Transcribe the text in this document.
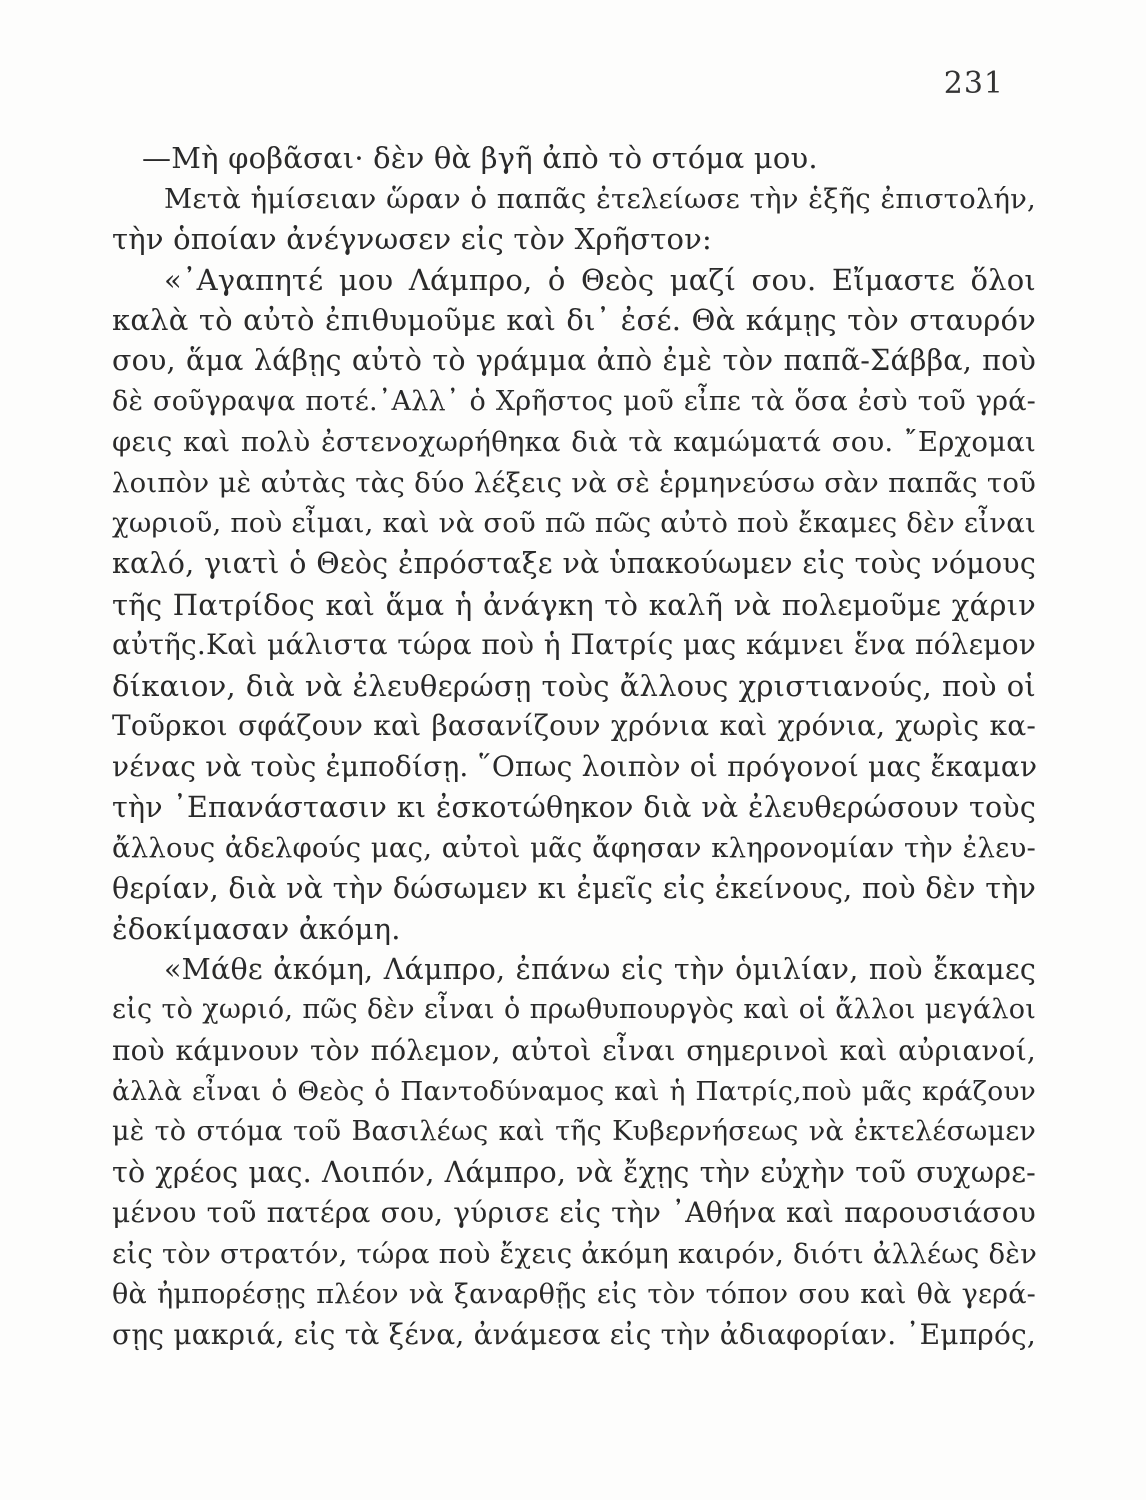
231
—Μὴ φοβᾶσαι· δὲν θὰ βγῆ ἀπὸ τὸ στόμα μου.
Μετὰ ἡμίσειαν ὥραν ὁ παπᾶς ἐτελείωσε τὴν ἑξῆς ἐπιστολήν,
τὴν ὁποίαν ἀνέγνωσεν εἰς τὸν Χρῆστον:
«᾿Αγαπητέ μου Λάμπρο, ὁ Θεὸς μαζί σου. Εἴμαστε ὅλοι
καλὰ τὸ αὐτὸ ἐπιθυμοῦμε καὶ δι᾿ ἐσέ. Θὰ κάμῃς τὸν σταυρόν
σου, ἅμα λάβῃς αὐτὸ τὸ γράμμα ἀπὸ ἐμὲ τὸν παπᾶ-Σάββα, ποὺ
δὲ σοῦγραψα ποτέ.᾿Αλλ᾿ ὁ Χρῆστος μοῦ εἶπε τὰ ὅσα ἐσὺ τοῦ γρά-
φεις καὶ πολὺ ἐστενοχωρήθηκα διὰ τὰ καμώματά σου. ῎Ερχομαι
λοιπὸν μὲ αὐτὰς τὰς δύο λέξεις νὰ σὲ ἑρμηνεύσω σὰν παπᾶς τοῦ
χωριοῦ, ποὺ εἶμαι, καὶ νὰ σοῦ πῶ πῶς αὐτὸ ποὺ ἔκαμες δὲν εἶναι
καλό, γιατὶ ὁ Θεὸς ἐπρόσταξε νὰ ὑπακούωμεν εἰς τοὺς νόμους
τῆς Πατρίδος καὶ ἅμα ἡ ἀνάγκη τὸ καλῆ νὰ πολεμοῦμε χάριν
αὐτῆς.Καὶ μάλιστα τώρα ποὺ ἡ Πατρίς μας κάμνει ἕνα πόλεμον
δίκαιον, διὰ νὰ ἐλευθερώσῃ τοὺς ἄλλους χριστιανούς, ποὺ οἱ
Τοῦρκοι σφάζουν καὶ βασανίζουν χρόνια καὶ χρόνια, χωρὶς κα-
νένας νὰ τοὺς ἐμποδίσῃ. ῞Οπως λοιπὸν οἱ πρόγονοί μας ἔκαμαν
τὴν ᾿Επανάστασιν κι ἐσκοτώθηκον διὰ νὰ ἐλευθερώσουν τοὺς
ἄλλους ἀδελφούς μας, αὐτοὶ μᾶς ἄφησαν κληρονομίαν τὴν ἐλευ-
θερίαν, διὰ νὰ τὴν δώσωμεν κι ἐμεῖς εἰς ἐκείνους, ποὺ δὲν τὴν
ἐδοκίμασαν ἀκόμη.
«Μάθε ἀκόμη, Λάμπρο, ἐπάνω εἰς τὴν ὁμιλίαν, ποὺ ἔκαμες
εἰς τὸ χωριό, πῶς δὲν εἶναι ὁ πρωθυπουργὸς καὶ οἱ ἄλλοι μεγάλοι
ποὺ κάμνουν τὸν πόλεμον, αὐτοὶ εἶναι σημερινοὶ καὶ αὐριανοί,
ἀλλὰ εἶναι ὁ Θεὸς ὁ Παντοδύναμος καὶ ἡ Πατρίς,ποὺ μᾶς κράζουν
μὲ τὸ στόμα τοῦ Βασιλέως καὶ τῆς Κυβερνήσεως νὰ ἐκτελέσωμεν
τὸ χρέος μας. Λοιπόν, Λάμπρο, νὰ ἔχῃς τὴν εὐχὴν τοῦ συχωρε-
μένου τοῦ πατέρα σου, γύρισε εἰς τὴν ᾿Αθήνα καὶ παρουσιάσου
εἰς τὸν στρατόν, τώρα ποὺ ἔχεις ἀκόμη καιρόν, διότι ἀλλέως δὲν
θὰ ἠμπορέσῃς πλέον νὰ ξαναρθῇς εἰς τὸν τόπον σου καὶ θὰ γερά-
σῃς μακριά, εἰς τὰ ξένα, ἀνάμεσα εἰς τὴν ἀδιαφορίαν. ᾿Εμπρός,
